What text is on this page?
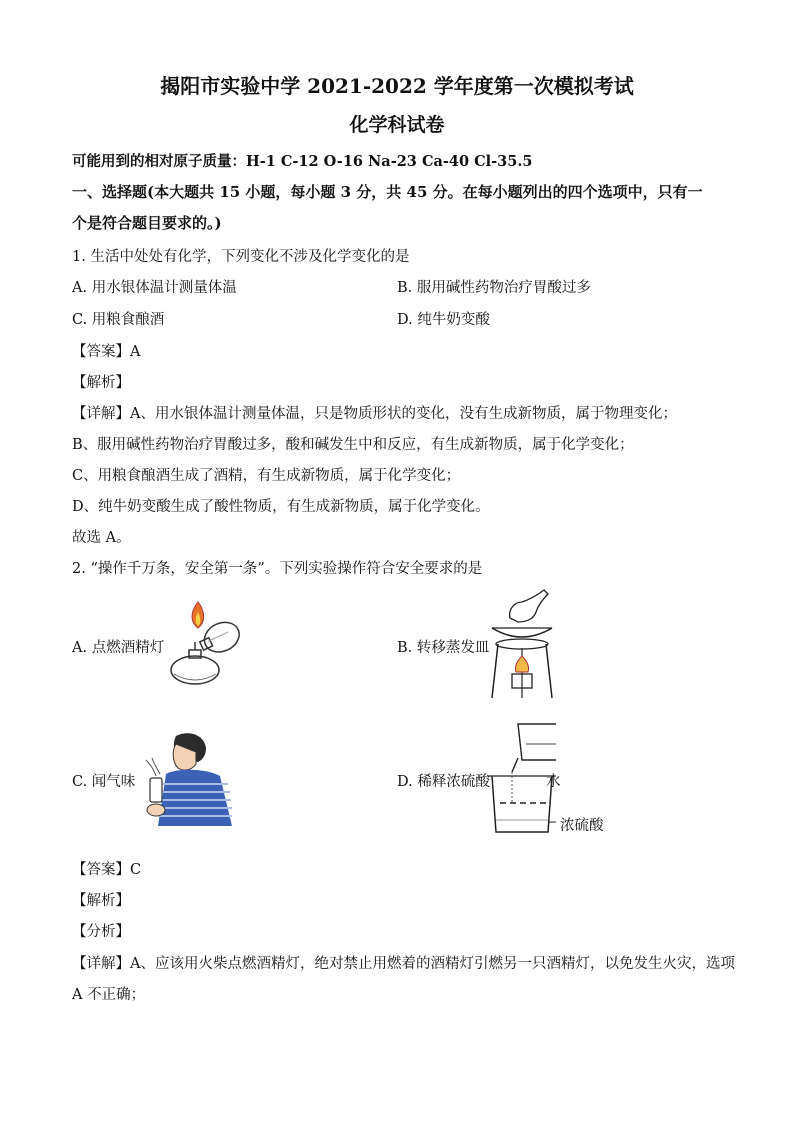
揭阳市实验中学 2021-2022 学年度第一次模拟考试
化学科试卷
可能用到的相对原子质量：H-1 C-12 O-16 Na-23 Ca-40 Cl-35.5
一、选择题(本大题共 15 小题，每小题 3 分，共 45 分。在每小题列出的四个选项中，只有一
个是符合题目要求的。)
1. 生活中处处有化学，下列变化不涉及化学变化的是
A. 用水银体温计测量体温	B. 服用碱性药物治疗胃酸过多
C. 用粮食酿酒	D. 纯牛奶变酸
【答案】A
【解析】
【详解】A、用水银体温计测量体温，只是物质形状的变化，没有生成新物质，属于物理变化；
B、服用碱性药物治疗胃酸过多，酸和碱发生中和反应，有生成新物质，属于化学变化；
C、用粮食酿酒生成了酒精，有生成新物质，属于化学变化；
D、纯牛奶变酸生成了酸性物质，有生成新物质，属于化学变化。
故选 A。
2. “操作千万条，安全第一条”。下列实验操作符合安全要求的是
A. 点燃酒精灯	B. 转移蒸发皿
C. 闻气味	D. 稀释浓硫酸	水
浓硫酸
【答案】C
【解析】
【分析】
【详解】A、应该用火柴点燃酒精灯，绝对禁止用燃着的酒精灯引燃另一只酒精灯，以免发生火灾，选项
A 不正确；
